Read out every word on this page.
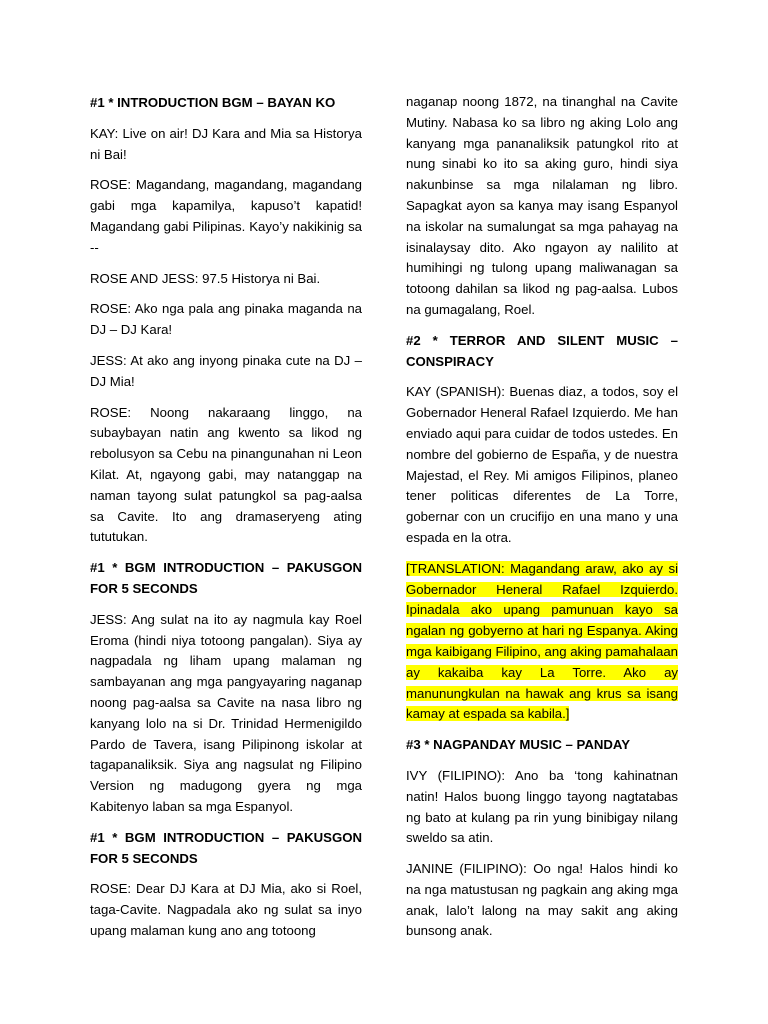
#1 * INTRODUCTION BGM – BAYAN KO

KAY: Live on air! DJ Kara and Mia sa Historya ni Bai!

ROSE: Magandang, magandang, magandang gabi mga kapamilya, kapuso’t kapatid! Magandang gabi Pilipinas. Kayo’y nakikinig sa --

ROSE AND JESS: 97.5 Historya ni Bai.

ROSE: Ako nga pala ang pinaka maganda na DJ – DJ Kara!

JESS: At ako ang inyong pinaka cute na DJ – DJ Mia!

ROSE: Noong nakaraang linggo, na subaybayan natin ang kwento sa likod ng rebolusyon sa Cebu na pinangunahan ni Leon Kilat. At, ngayong gabi, may natanggap na naman tayong sulat patungkol sa pag-aalsa sa Cavite. Ito ang dramaseryeng ating tututukan.

#1 * BGM INTRODUCTION – PAKUSGON FOR 5 SECONDS

JESS: Ang sulat na ito ay nagmula kay Roel Eroma (hindi niya totoong pangalan). Siya ay nagpadala ng liham upang malaman ng sambayanan ang mga pangyayaring naganap noong pag-aalsa sa Cavite na nasa libro ng kanyang lolo na si Dr. Trinidad Hermenigildo Pardo de Tavera, isang Pilipinong iskolar at tagapanaliksik. Siya ang nagsulat ng Filipino Version ng madugong gyera ng mga Kabitenyo laban sa mga Espanyol.

#1 * BGM INTRODUCTION – PAKUSGON FOR 5 SECONDS

ROSE: Dear DJ Kara at DJ Mia, ako si Roel, taga-Cavite. Nagpadala ako ng sulat sa inyo upang malaman kung ano ang totoong

naganap noong 1872, na tinanghal na Cavite Mutiny. Nabasa ko sa libro ng aking Lolo ang kanyang mga pananaliksik patungkol rito at nung sinabi ko ito sa aking guro, hindi siya nakunbinse sa mga nilalaman ng libro. Sapagkat ayon sa kanya may isang Espanyol na iskolar na sumalungat sa mga pahayag na isinalaysay dito. Ako ngayon ay nalilito at humihingi ng tulong upang maliwanagan sa totoong dahilan sa likod ng pag-aalsa. Lubos na gumagalang, Roel.

#2 * TERROR AND SILENT MUSIC – CONSPIRACY

KAY (SPANISH): Buenas diaz, a todos, soy el Gobernador Heneral Rafael Izquierdo. Me han enviado aqui para cuidar de todos ustedes. En nombre del gobierno de España, y de nuestra Majestad, el Rey. Mi amigos Filipinos, planeo tener politicas diferentes de La Torre, gobernar con un crucifijo en una mano y una espada en la otra.

[TRANSLATION: Magandang araw, ako ay si Gobernador Heneral Rafael Izquierdo. Ipinadala ako upang pamunuan kayo sa ngalan ng gobyerno at hari ng Espanya. Aking mga kaibigang Filipino, ang aking pamahalaan ay kakaiba kay La Torre. Ako ay manunungkulan na hawak ang krus sa isang kamay at espada sa kabila.]

#3 * NAGPANDAY MUSIC – PANDAY

IVY (FILIPINO): Ano ba ‘tong kahinatnan natin! Halos buong linggo tayong nagtatabas ng bato at kulang pa rin yung binibigay nilang sweldo sa atin.

JANINE (FILIPINO): Oo nga! Halos hindi ko na nga matustusan ng pagkain ang aking mga anak, lalo’t lalong na may sakit ang aking bunsong anak.
